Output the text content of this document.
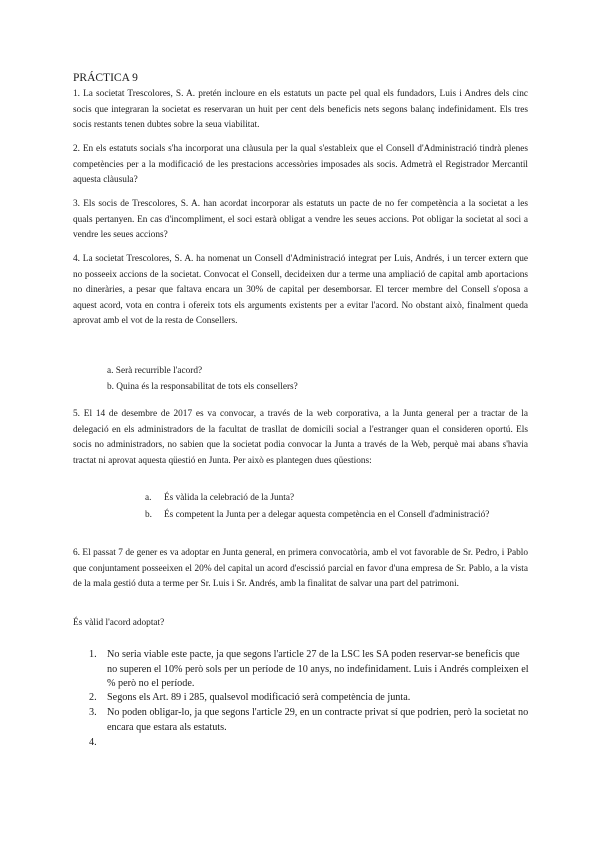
PRÁCTICA 9

1. La societat Trescolores, S. A. pretén incloure en els estatuts un pacte pel qual els fundadors, Luis i Andres dels cinc socis que integraran la societat es reservaran un huit per cent dels beneficis nets segons balanç indefinidament. Els tres socis restants tenen dubtes sobre la seua viabilitat.

2. En els estatuts socials s'ha incorporat una clàusula per la qual s'estableix que el Consell d'Administració tindrà plenes competències per a la modificació de les prestacions accessòries imposades als socis. Admetrà el Registrador Mercantil aquesta clàusula?

3. Els socis de Trescolores, S. A. han acordat incorporar als estatuts un pacte de no fer competència a la societat a les quals pertanyen. En cas d'incompliment, el soci estarà obligat a vendre les seues accions. Pot obligar la societat al soci a vendre les seues accions?

4. La societat Trescolores, S. A. ha nomenat un Consell d'Administració integrat per Luis, Andrés, i un tercer extern que no posseeix accions de la societat. Convocat el Consell, decideixen dur a terme una ampliació de capital amb aportacions no dineràries, a pesar que faltava encara un 30% de capital per desemborsar. El tercer membre del Consell s'oposa a aquest acord, vota en contra i ofereix tots els arguments existents per a evitar l'acord. No obstant això, finalment queda aprovat amb el vot de la resta de Consellers.

a. Serà recurrible l'acord?
b. Quina és la responsabilitat de tots els consellers?

5. El 14 de desembre de 2017 es va convocar, a través de la web corporativa, a la Junta general per a tractar de la delegació en els administradors de la facultat de trasllat de domicili social a l'estranger quan el consideren oportú. Els socis no administradors, no sabien que la societat podia convocar la Junta a través de la Web, perquè mai abans s'havia tractat ni aprovat aquesta qüestió en Junta. Per això es plantegen dues qüestions:

a. És vàlida la celebració de la Junta?
b. És competent la Junta per a delegar aquesta competència en el Consell d'administració?

6. El passat 7 de gener es va adoptar en Junta general, en primera convocatòria, amb el vot favorable de Sr. Pedro, i Pablo que conjuntament posseeixen el 20% del capital un acord d'escissió parcial en favor d'una empresa de Sr. Pablo, a la vista de la mala gestió duta a terme per Sr. Luis i Sr. Andrés, amb la finalitat de salvar una part del patrimoni.

És vàlid l'acord adoptat?
1. No seria viable este pacte, ja que segons l'article 27 de la LSC les SA poden reservar-se beneficis que no superen el 10% però sols per un període de 10 anys, no indefinidament. Luis i Andrés compleixen el % però no el període.
2. Segons els Art. 89 i 285, qualsevol modificació serà competència de junta.
3. No poden obligar-lo, ja que segons l'article 29, en un contracte privat sí que podrien, però la societat no encara que estara als estatuts.
4.
